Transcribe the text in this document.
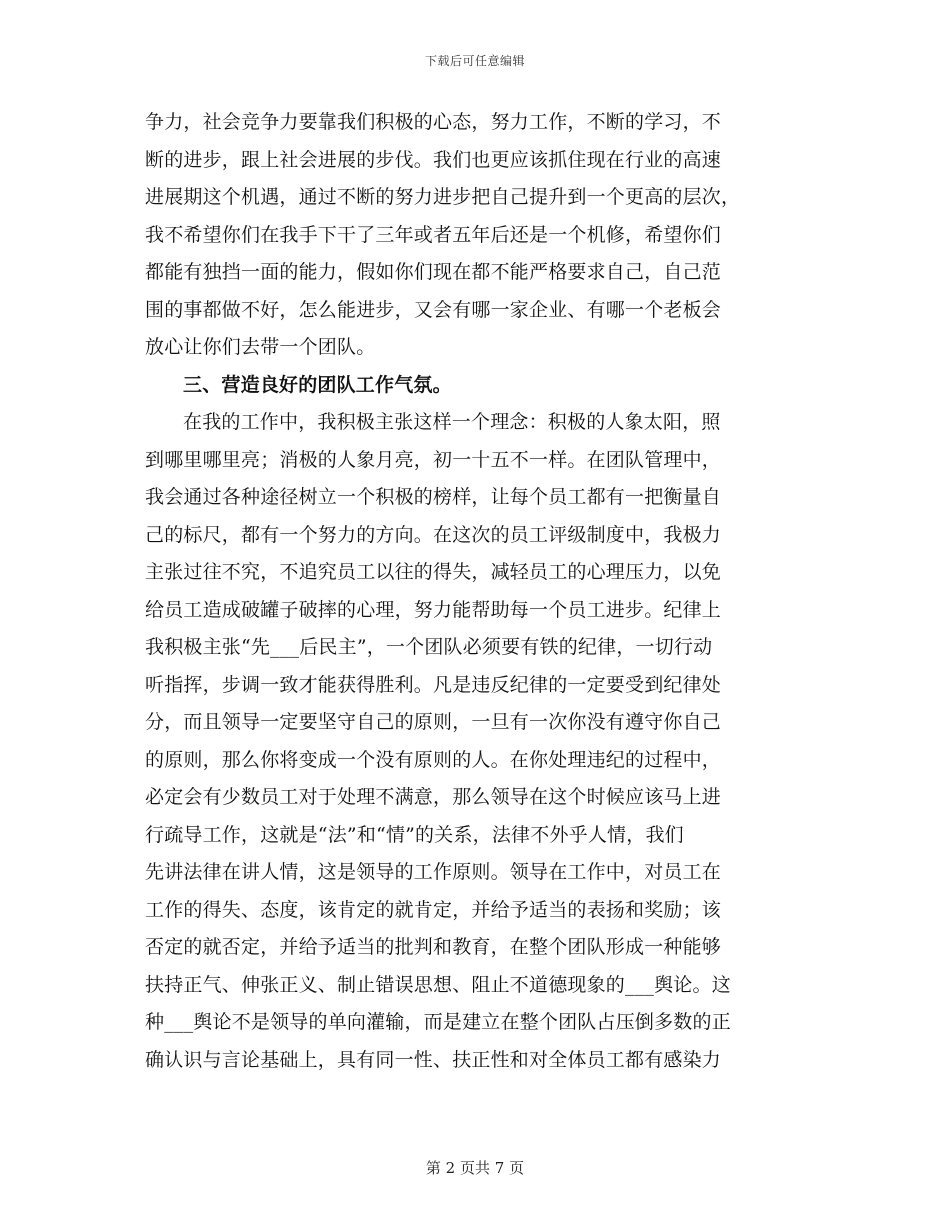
下载后可任意编辑
争力，社会竞争力要靠我们积极的心态，努力工作，不断的学习，不
断的进步，跟上社会进展的步伐。我们也更应该抓住现在行业的高速
进展期这个机遇，通过不断的努力进步把自己提升到一个更高的层次，
我不希望你们在我手下干了三年或者五年后还是一个机修，希望你们
都能有独挡一面的能力，假如你们现在都不能严格要求自己，自己范
围的事都做不好，怎么能进步，又会有哪一家企业、有哪一个老板会
放心让你们去带一个团队。
三、营造良好的团队工作气氛。
在我的工作中，我积极主张这样一个理念：积极的人象太阳，照
到哪里哪里亮；消极的人象月亮，初一十五不一样。在团队管理中，
我会通过各种途径树立一个积极的榜样，让每个员工都有一把衡量自
己的标尺，都有一个努力的方向。在这次的员工评级制度中，我极力
主张过往不究，不追究员工以往的得失，减轻员工的心理压力，以免
给员工造成破罐子破摔的心理，努力能帮助每一个员工进步。纪律上
我积极主张“先___后民主”，一个团队必须要有铁的纪律，一切行动
听指挥，步调一致才能获得胜利。凡是违反纪律的一定要受到纪律处
分，而且领导一定要坚守自己的原则，一旦有一次你没有遵守你自己
的原则，那么你将变成一个没有原则的人。在你处理违纪的过程中，
必定会有少数员工对于处理不满意，那么领导在这个时候应该马上进
行疏导工作，这就是“法”和“情”的关系，法律不外乎人情，我们
先讲法律在讲人情，这是领导的工作原则。领导在工作中，对员工在
工作的得失、态度，该肯定的就肯定，并给予适当的表扬和奖励；该
否定的就否定，并给予适当的批判和教育，在整个团队形成一种能够
扶持正气、伸张正义、制止错误思想、阻止不道德现象的___舆论。这
种___舆论不是领导的单向灌输，而是建立在整个团队占压倒多数的正
确认识与言论基础上，具有同一性、扶正性和对全体员工都有感染力
第 2 页共 7 页
